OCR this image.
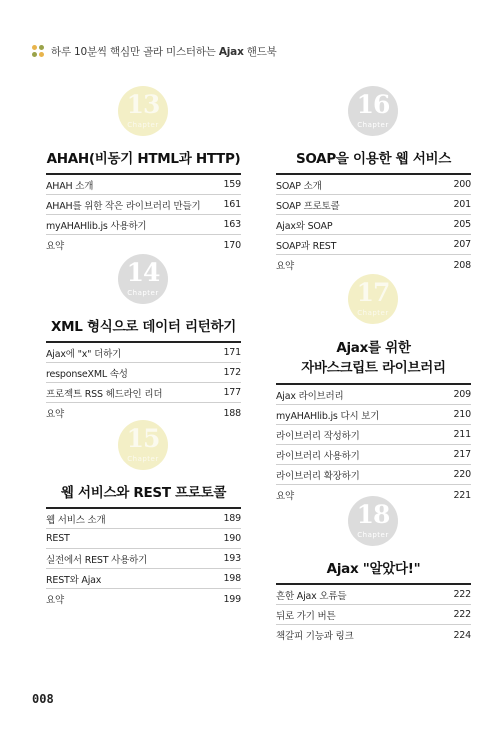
하루 10분씩 핵심만 골라 미스터하는 Ajax 핸드북
13
Chapter
AHAH(비동기 HTML과 HTTP)
AHAH 소개	159
AHAH를 위한 작은 라이브러리 만들기 161
myAHAHlib.js 사용하기	163
요약	170
14
Chapter
XML 형식으로 데이터 리턴하기
Ajax에 "x" 더하기	171
responseXML 속성	172
프로젝트 RSS 헤드라인 리더	177
요약	188
15
Chapter
웹 서비스와 REST 프로토콜
웹 서비스 소개	189
REST	190
실전에서 REST 사용하기	193
REST와 Ajax	198
요약	199
16
Chapter
SOAP을 이용한 웹 서비스
SOAP 소개	200
SOAP 프로토콜	201
Ajax와 SOAP	205
SOAP과 REST	207
요약	208
17
Chapter
Ajax를 위한
자바스크립트 라이브러리
Ajax 라이브러리	209
myAHAHlib.js 다시 보기	210
라이브러리 작성하기	211
라이브러리 사용하기	217
라이브러리 확장하기	220
요약	221
18
Chapter
Ajax "알았다!"
흔한 Ajax 오류들	222
뒤로 가기 버튼	222
책갈피 기능과 링크	224
008
